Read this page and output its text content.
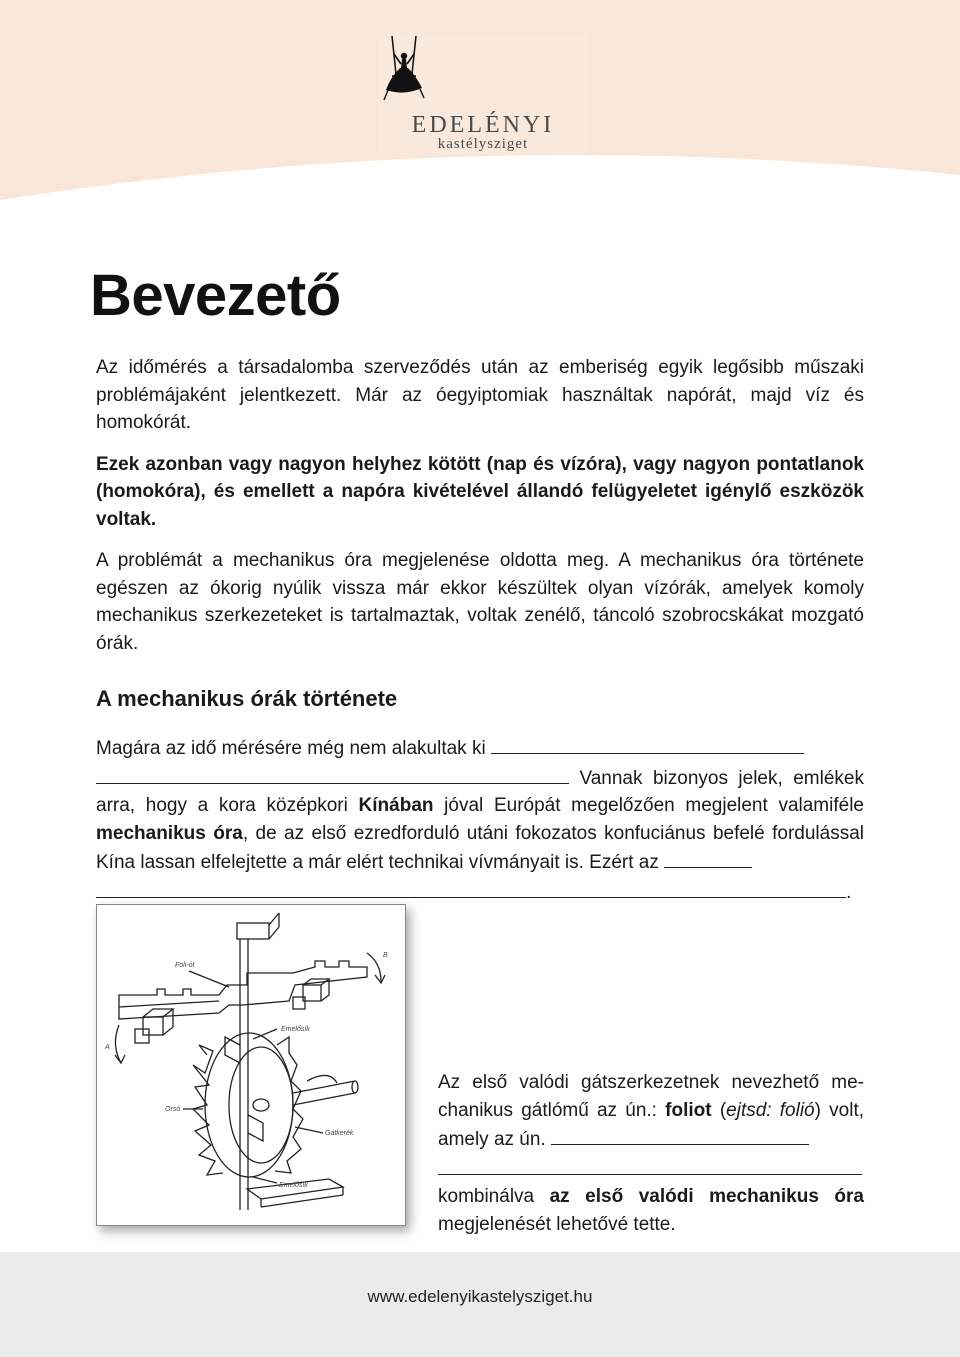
EDELÉNYI
kastélysziget
Bevezető

Az időmérés a társadalomba szerveződés után az emberiség egyik legősibb műszaki problémájaként jelentkezett. Már az óegyiptomiak használtak napórát, majd víz és homokórát.

Ezek azonban vagy nagyon helyhez kötött (nap és vízóra), vagy nagyon pontatlanok (homokóra), és emellett a napóra kivételével állandó felügyeletet igénylő eszközök voltak.

A problémát a mechanikus óra megjelenése oldotta meg. A mechanikus óra története egészen az ókorig nyúlik vissza már ekkor készültek olyan vízórák, amelyek komoly mechanikus szerkezeteket is tartalmaztak, voltak zenélő, táncoló szobrocskákat mozgató órák.

A mechanikus órák története
Magára az idő mérésére még nem alakultak ki
Vannak bizonyos jelek, emlékek arra, hogy a kora középkori Kínában jóval Európát megelőzően megjelent valamiféle mechanikus óra, de az első ezredforduló utáni fokozatos konfuciánus befelé fordulással Kína lassan elfelejtette a már elért technikai vívmányait is. Ezért az
.
Foli-ót
Emelősík
Orsó
Gátkerék
Emelősík
A
B
Az első valódi gátszerkezetnek nevezhető mechanikus gátlómű az ún.: foliot (ejtsd: folió) volt, amely az ún.

kombinálva az első valódi mechanikus óra megjelenését lehetővé tette.
www.edelenyikastelysziget.hu
